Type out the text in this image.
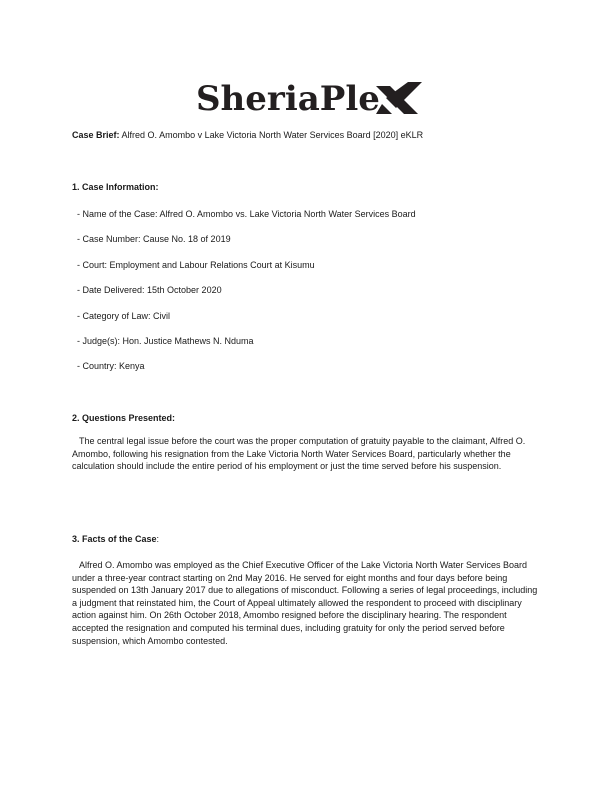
SheriaPle

Case Brief: Alfred O. Amombo v Lake Victoria North Water Services Board [2020] eKLR

1. Case Information:

- Name of the Case: Alfred O. Amombo vs. Lake Victoria North Water Services Board

- Case Number: Cause No. 18 of 2019

- Court: Employment and Labour Relations Court at Kisumu

- Date Delivered: 15th October 2020

- Category of Law: Civil

- Judge(s): Hon. Justice Mathews N. Nduma

- Country: Kenya

2. Questions Presented:

The central legal issue before the court was the proper computation of gratuity payable to the claimant, Alfred O. Amombo, following his resignation from the Lake Victoria North Water Services Board, particularly whether the calculation should include the entire period of his employment or just the time served before his suspension.

3. Facts of the Case:

Alfred O. Amombo was employed as the Chief Executive Officer of the Lake Victoria North Water Services Board under a three-year contract starting on 2nd May 2016. He served for eight months and four days before being suspended on 13th January 2017 due to allegations of misconduct. Following a series of legal proceedings, including a judgment that reinstated him, the Court of Appeal ultimately allowed the respondent to proceed with disciplinary action against him. On 26th October 2018, Amombo resigned before the disciplinary hearing. The respondent accepted the resignation and computed his terminal dues, including gratuity for only the period served before suspension, which Amombo contested.
